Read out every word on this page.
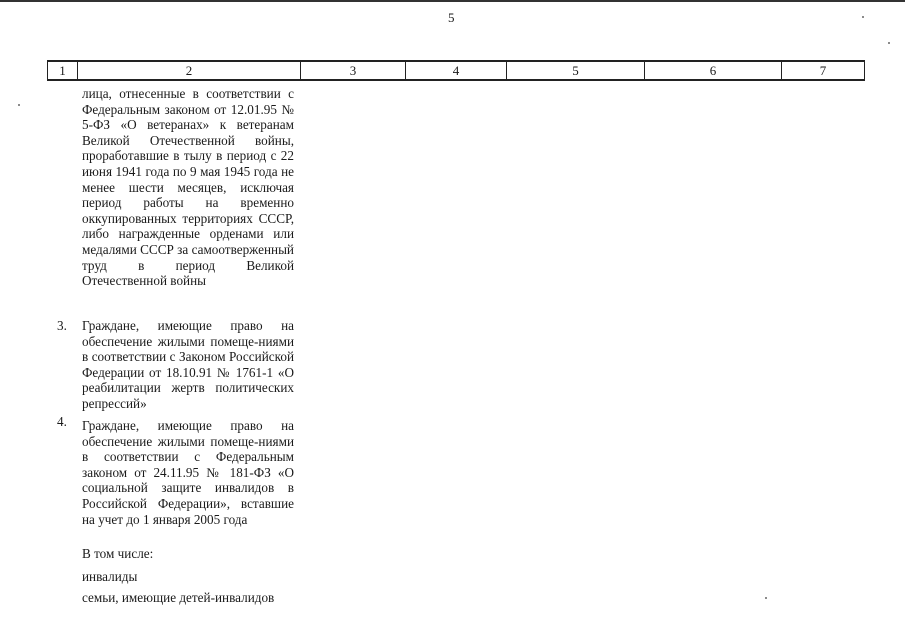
5
1	2	3	4	5	6	7
лица, отнесенные в соответствии с Федеральным законом от 12.01.95 № 5-ФЗ «О ветеранах» к ветеранам Великой Отечественной войны, проработавшие в тылу в период с 22 июня 1941 года по 9 мая 1945 года не менее шести месяцев, исключая период работы на временно оккупированных территориях СССР, либо награжденные орденами или медалями СССР за самоотверженный труд в период Великой Отечественной войны
3. Граждане, имеющие право на обеспечение жилыми помеще-ниями в соответствии с Законом Российской Федерации от 18.10.91 № 1761-1 «О реабилитации жертв политических репрессий»
4. Граждане, имеющие право на обеспечение жилыми помеще-ниями в соответствии с Федеральным законом от 24.11.95 № 181-ФЗ «О социальной защите инвалидов в Российской Федерации», вставшие на учет до 1 января 2005 года
В том числе:
инвалиды
семьи, имеющие детей-инвалидов
